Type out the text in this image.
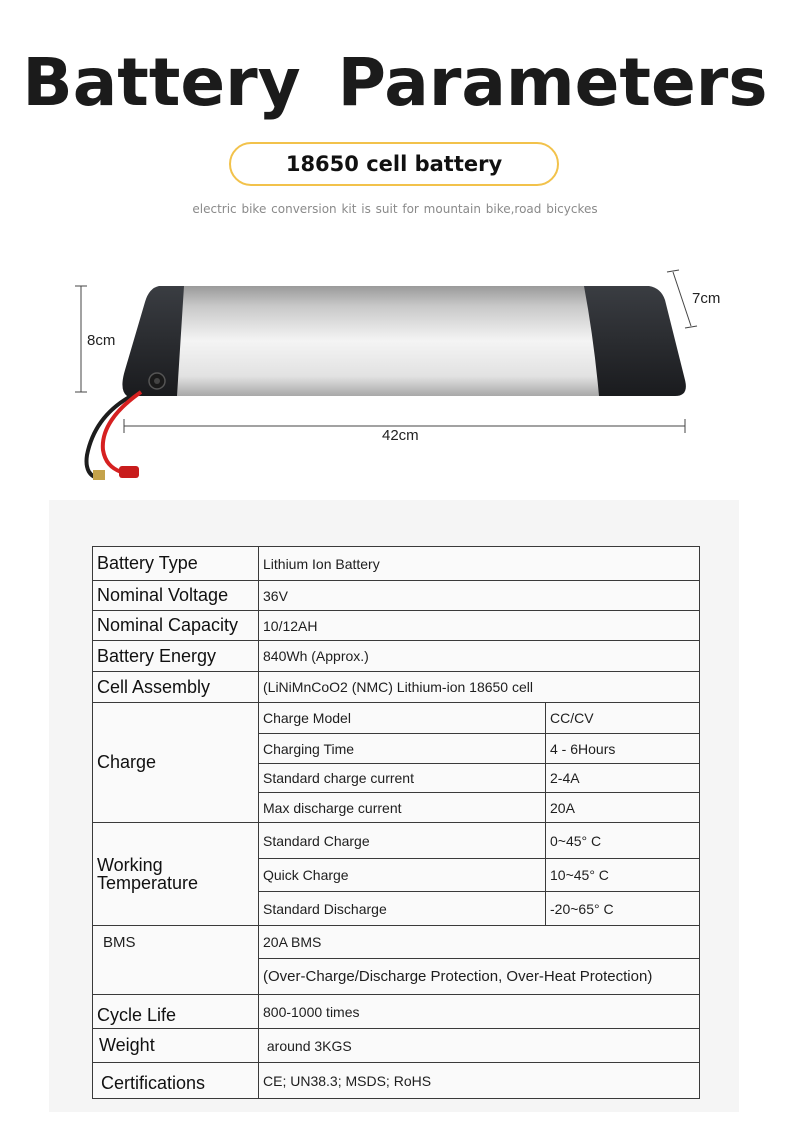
Battery Parameters
18650 cell battery
electric bike conversion kit is suit for mountain bike,road bicyckes
8cm
7cm
42cm
Battery Type	Lithium Ion Battery	
Nominal Voltage	36V	
Nominal Capacity	10/12AH	
Battery Energy	840Wh (Approx.)	
Cell Assembly	(LiNiMnCoO2 (NMC) Lithium-ion 18650 cell	
Charge	Charge Model	CC/CV
	Charging Time	4 - 6Hours
	Standard charge current	2-4A
	Max discharge current	20A

Working
Temperature	Standard Charge	0~45° C
	Quick Charge	10~45° C
	Standard Discharge	-20~65° C
BMS	20A BMS	
	(Over-Charge/Discharge Protection, Over-Heat Protection)	
Cycle Life	800-1000 times	
Weight	around 3KGS	
Certifications	CE; UN38.3; MSDS; RoHS	
